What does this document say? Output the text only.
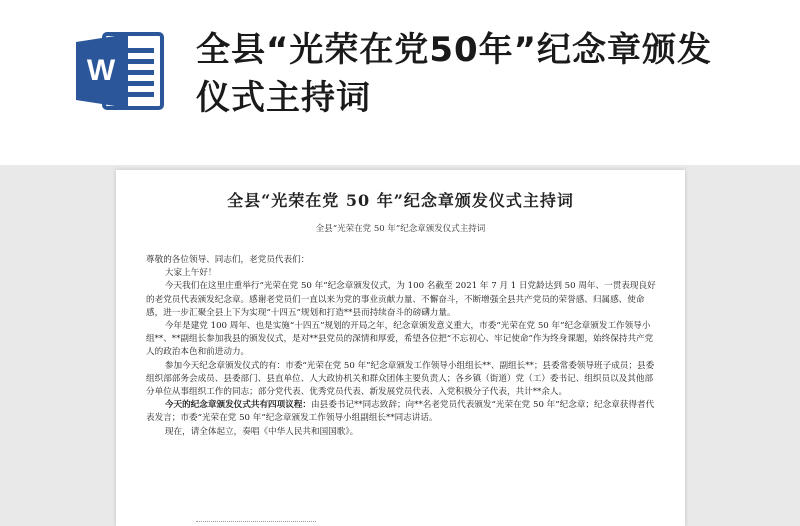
W
全县“光荣在党50年”纪念章颁发仪式主持词
全县“光荣在党 50 年”纪念章颁发仪式主持词
全县“光荣在党 50 年”纪念章颁发仪式主持词

尊敬的各位领导、同志们，老党员代表们：

大家上午好！

今天我们在这里庄重举行“光荣在党 50 年”纪念章颁发仪式，为 100 名截至 2021 年 7 月 1 日党龄达到 50 周年、一贯表现良好的老党员代表颁发纪念章。感谢老党员们一直以来为党的事业贡献力量、不懈奋斗，不断增强全县共产党员的荣誉感、归属感、使命感，进一步汇聚全县上下为实现“十四五”规划和打造**县而持续奋斗的磅礴力量。

今年是建党 100 周年、也是实施“十四五”规划的开局之年，纪念章颁发意义重大，市委“光荣在党 50 年”纪念章颁发工作领导小组**、**副组长参加我县的颁发仪式，是对**县党员的深情和厚爱，希望各位把“不忘初心、牢记使命”作为终身课题，始终保持共产党人的政治本色和前进动力。

参加今天纪念章颁发仪式的有：市委“光荣在党 50 年”纪念章颁发工作领导小组组长**、副组长**；县委常委领导班子成员；县委组织部部务会成员、县委部门、县直单位、人大政协机关和群众团体主要负责人；各乡镇（街道）党（工）委书记、组织员以及其他部分单位从事组织工作的同志；部分党代表、优秀党员代表、新发展党员代表、入党积极分子代表，共计**余人。

今天的纪念章颁发仪式共有四项议程：由县委书记**同志致辞；向**名老党员代表颁发“光荣在党 50 年”纪念章；纪念章获得者代表发言；市委“光荣在党 50 年”纪念章颁发工作领导小组副组长**同志讲话。

现在，请全体起立，奏唱《中华人民共和国国歌》。
